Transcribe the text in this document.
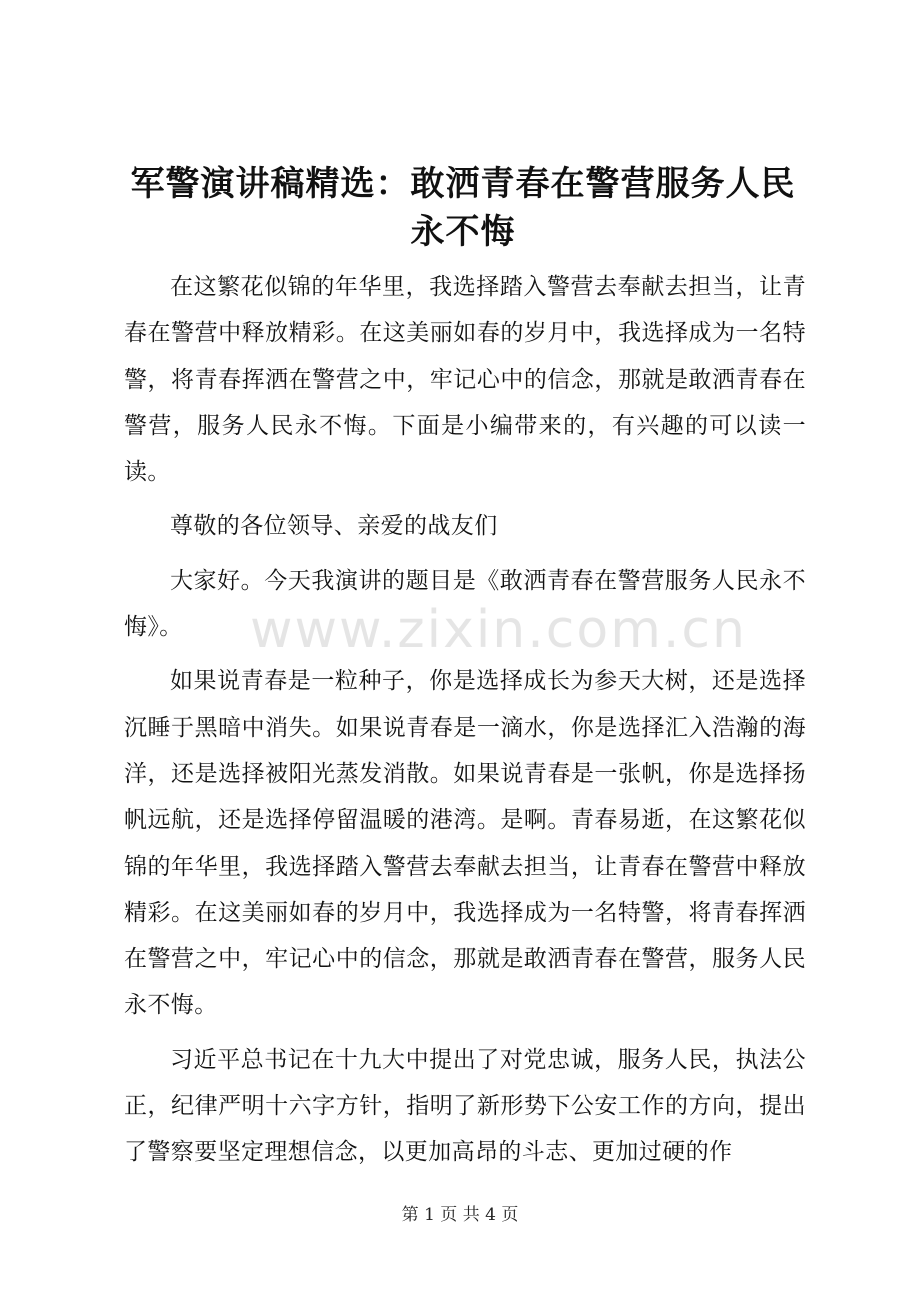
军警演讲稿精选：敢洒青春在警营服务人民永不悔
www.zixin.com.cn

在这繁花似锦的年华里，我选择踏入警营去奉献去担当，让青春在警营中释放精彩。在这美丽如春的岁月中，我选择成为一名特警，将青春挥洒在警营之中，牢记心中的信念，那就是敢洒青春在警营，服务人民永不悔。下面是小编带来的，有兴趣的可以读一读。

尊敬的各位领导、亲爱的战友们

大家好。今天我演讲的题目是《敢洒青春在警营服务人民永不悔》。

如果说青春是一粒种子，你是选择成长为参天大树，还是选择沉睡于黑暗中消失。如果说青春是一滴水，你是选择汇入浩瀚的海洋，还是选择被阳光蒸发消散。如果说青春是一张帆，你是选择扬帆远航，还是选择停留温暖的港湾。是啊。青春易逝，在这繁花似锦的年华里，我选择踏入警营去奉献去担当，让青春在警营中释放精彩。在这美丽如春的岁月中，我选择成为一名特警，将青春挥洒在警营之中，牢记心中的信念，那就是敢洒青春在警营，服务人民永不悔。

习近平总书记在十九大中提出了对党忠诚，服务人民，执法公正，纪律严明十六字方针，指明了新形势下公安工作的方向，提出了警察要坚定理想信念，以更加高昂的斗志、更加过硬的作

第 1 页 共 4 页
